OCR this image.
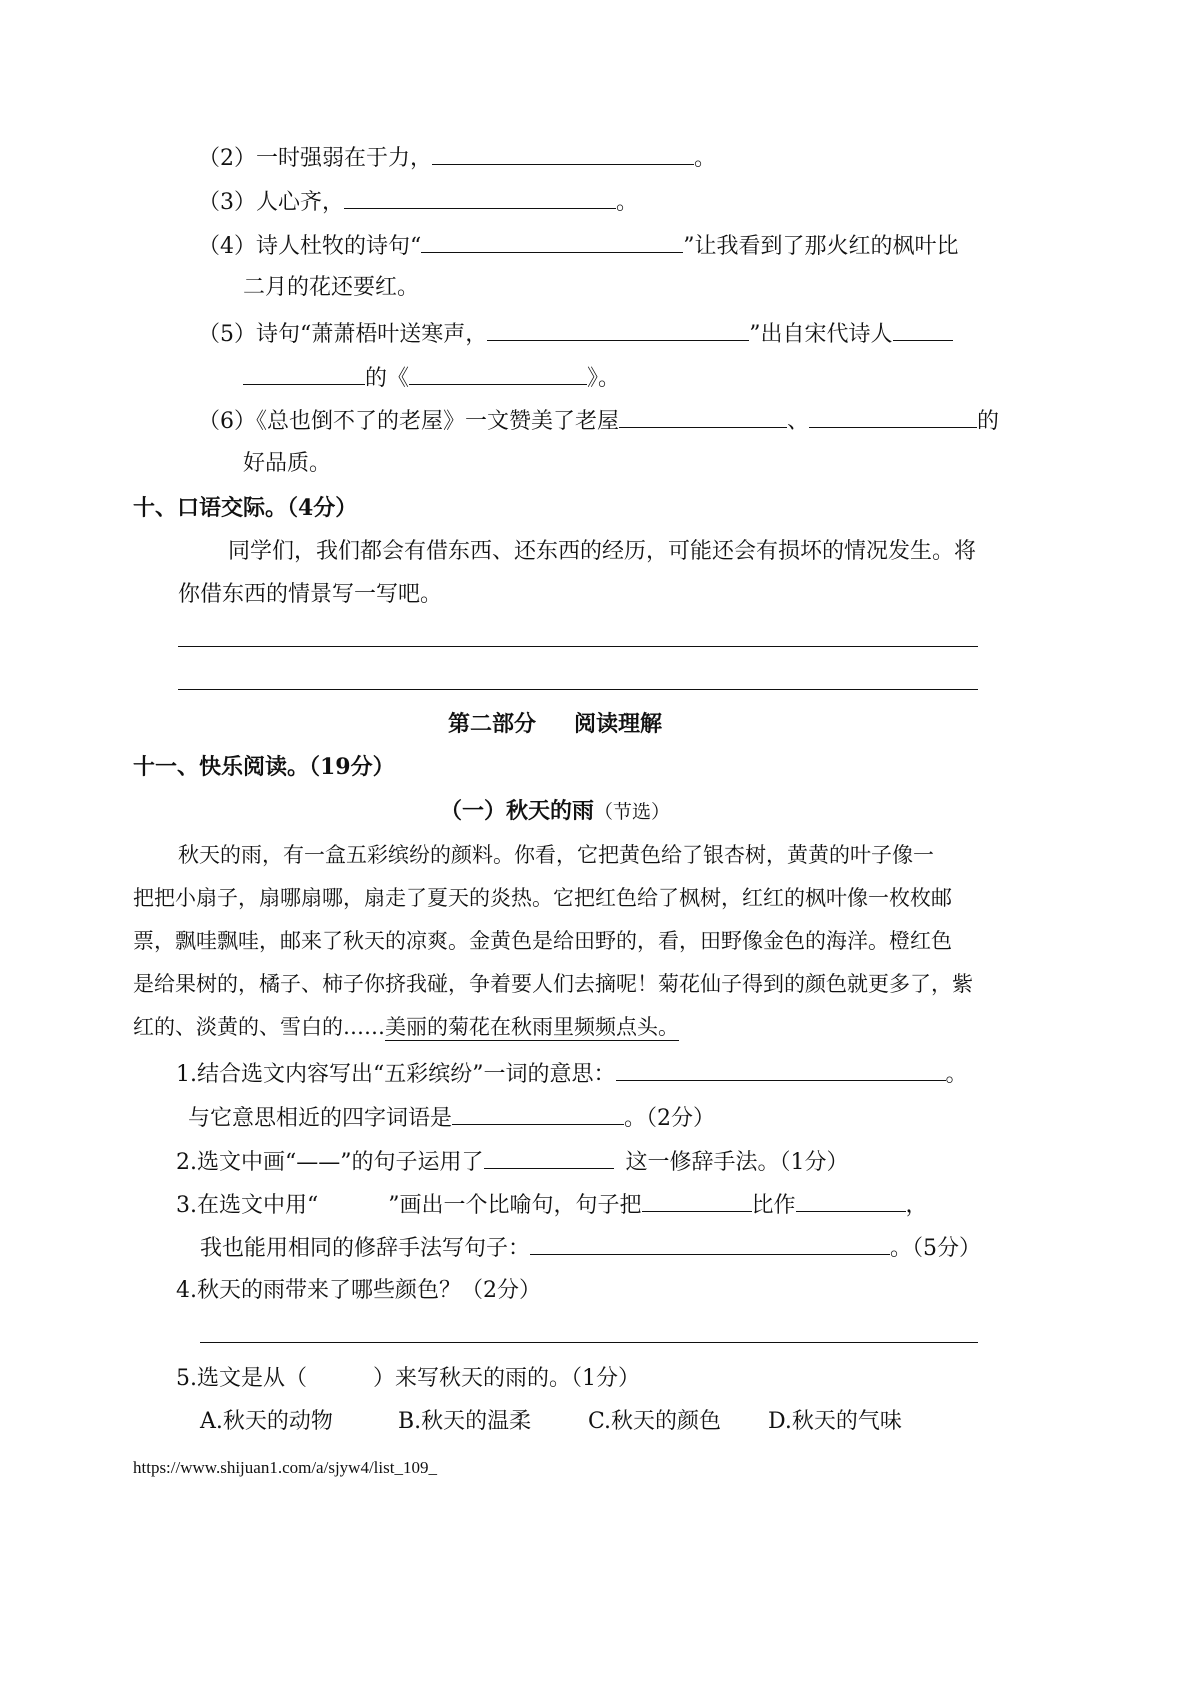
（2）一时强弱在于力，	。
（3）人心齐，	。
（4）诗人杜牧的诗句“	”让我看到了那火红的枫叶比
二月的花还要红。
（5）诗句“萧萧梧叶送寒声，	”出自宋代诗人
的《	》。
（6）《总也倒不了的老屋》一文赞美了老屋	、	的
好品质。
十、口语交际。（4分）
同学们，我们都会有借东西、还东西的经历，可能还会有损坏的情况发生。将
你借东西的情景写一写吧。
第二部分 阅读理解
十一、快乐阅读。（19分）
（一）秋天的雨（节选）
秋天的雨，有一盒五彩缤纷的颜料。你看，它把黄色给了银杏树，黄黄的叶子像一
把把小扇子，扇哪扇哪，扇走了夏天的炎热。它把红色给了枫树，红红的枫叶像一枚枚邮
票，飘哇飘哇，邮来了秋天的凉爽。金黄色是给田野的，看，田野像金色的海洋。橙红色
是给果树的，橘子、柿子你挤我碰，争着要人们去摘呢！菊花仙子得到的颜色就更多了，紫
红的、淡黄的、雪白的……美丽的菊花在秋雨里频频点头。
1.结合选文内容写出“五彩缤纷”一词的意思：	。
与它意思相近的四字词语是	。（2分）
2.选文中画“——”的句子运用了	这一修辞手法。（1分）
3.在选文中用“	”画出一个比喻句，句子把	比作	，
我也能用相同的修辞手法写句子：	。（5分）
4.秋天的雨带来了哪些颜色？（2分）
5.选文是从（　　　）来写秋天的雨的。（1分）
A.秋天的动物	B.秋天的温柔	C.秋天的颜色 D.秋天的气味
https://www.shijuan1.com/a/sjyw4/list_109_
